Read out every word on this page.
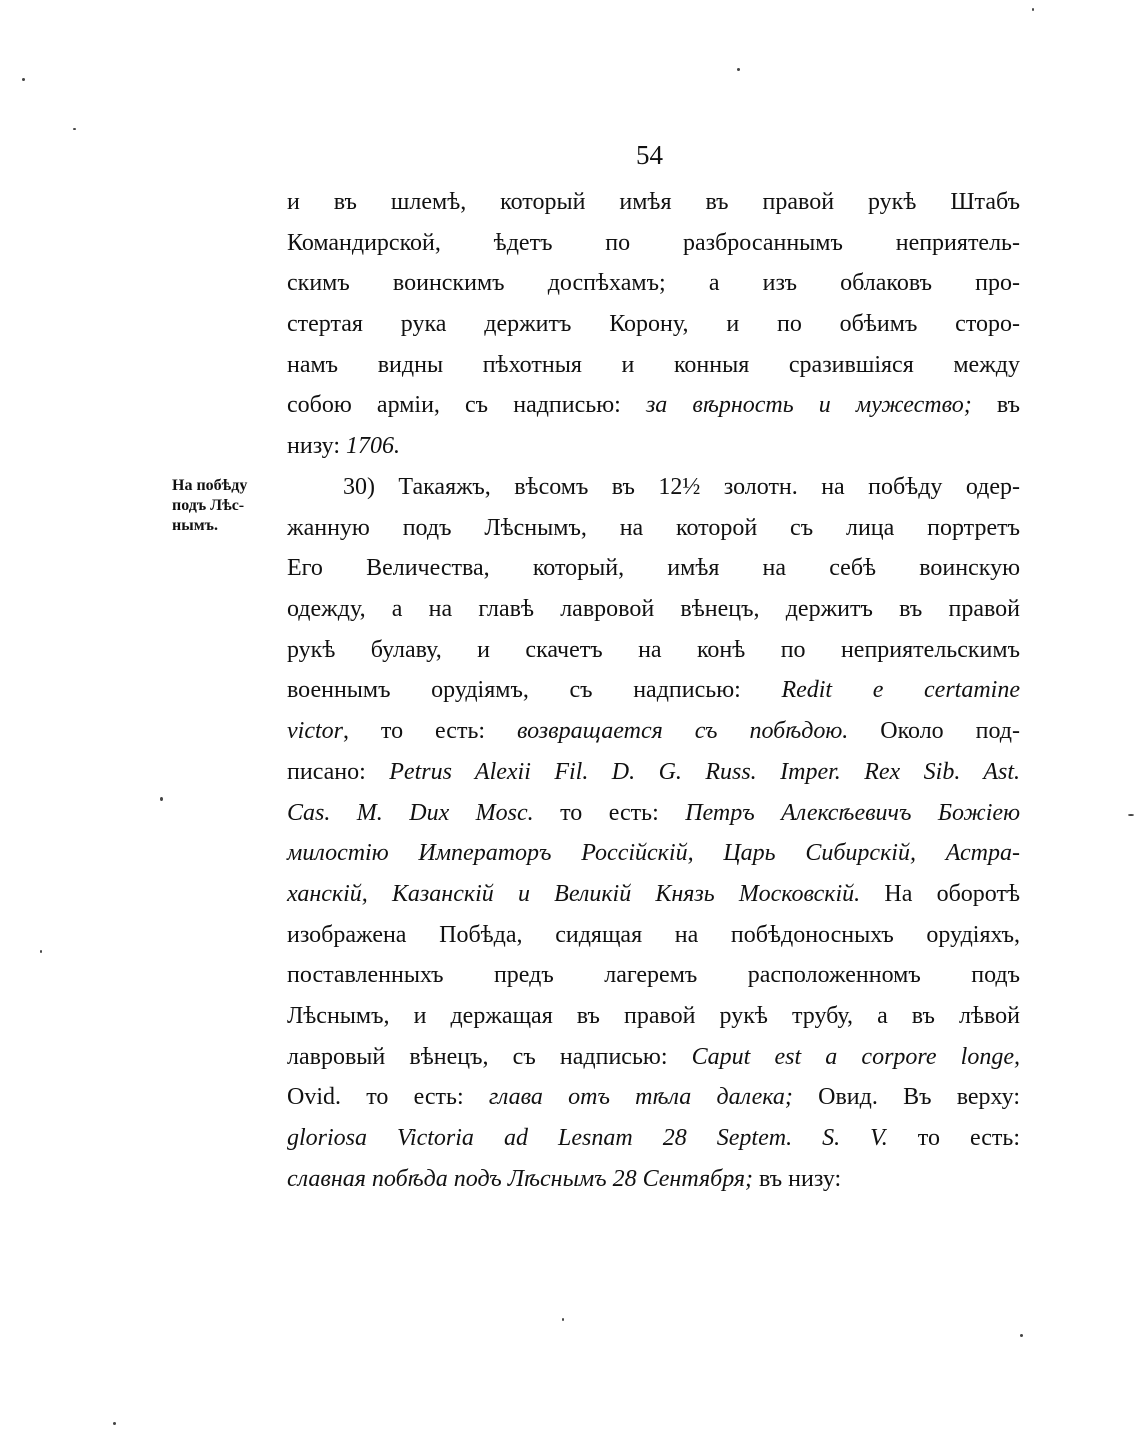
54
На побѣду
подъ Лѣс-
нымъ.
и въ шлемѣ, который имѣя въ правой рукѣ Штабъ
Командирской, ѣдетъ по разбросаннымъ неприятель-
скимъ воинскимъ доспѣхамъ; а изъ облаковъ про-
стертая рука держитъ Корону, и по обѣимъ сторо-
намъ видны пѣхотныя и конныя сразившіяся между
собою арміи, съ надписью: за вѣрность и мужество; въ
низу: 1706.
30) Такаяжъ, вѣсомъ въ 12½ золотн. на побѣду одер-
жанную подъ Лѣснымъ, на которой съ лица портретъ
Его Величества, который, имѣя на себѣ воинскую
одежду, а на главѣ лавровой вѣнецъ, держитъ въ правой
рукѣ булаву, и скачетъ на конѣ по неприятельскимъ
военнымъ орудіямъ, съ надписью: Redit e certamine
victor, то есть: возвращается съ побѣдою. Около под-
писано: Petrus Alexii Fil. D. G. Russ. Imper. Rex Sib. Ast.
Cas. M. Dux Mosc. то есть: Петръ Алексѣевичъ Божіею
милостію Императоръ Россійскій, Царь Сибирскій, Астра-
ханскій, Казанскій и Великій Князь Московскій. На оборотѣ
изображена Побѣда, сидящая на побѣдоносныхъ орудіяхъ,
поставленныхъ предъ лагеремъ расположенномъ подъ
Лѣснымъ, и держащая въ правой рукѣ трубу, а въ лѣвой
лавровый вѣнецъ, съ надписью: Caput est a corpore longe,
Ovid. то есть: глава отъ тѣла далека; Овид. Въ верху:
gloriosa Victoria ad Lesnam 28 Septem. S. V. то есть:
славная побѣда подъ Лѣснымъ 28 Сентября; въ низу:
